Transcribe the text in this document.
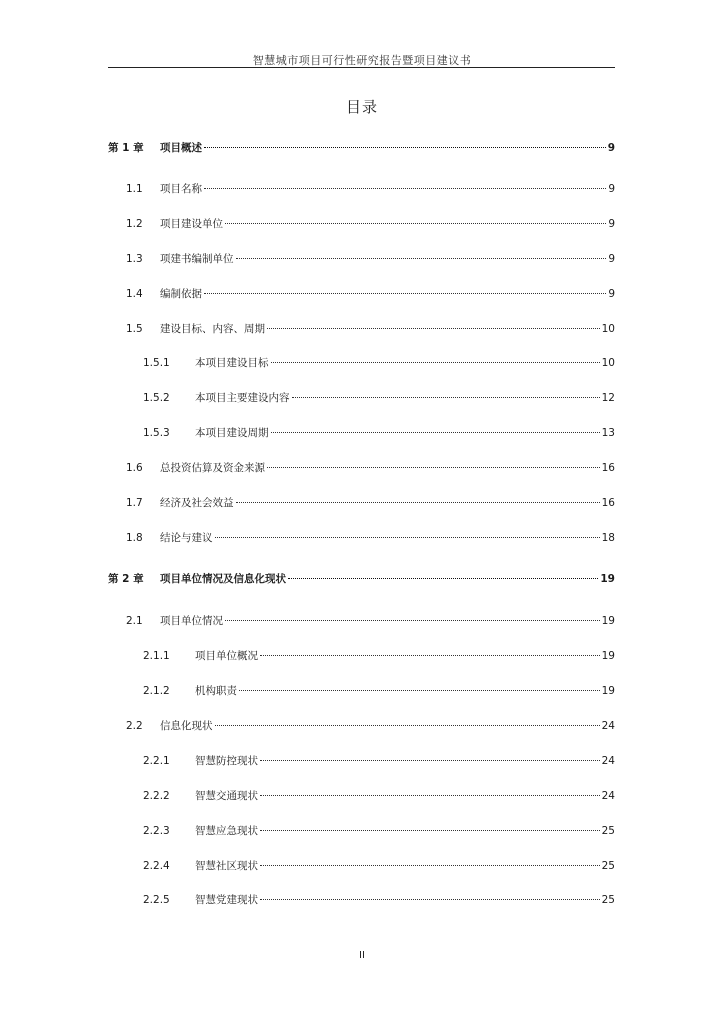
智慧城市项目可行性研究报告暨项目建议书
目录
第 1 章	项目概述	9
1.1	项目名称	9
1.2	项目建设单位	9
1.3	项建书编制单位	9
1.4	编制依据	9
1.5	建设目标、内容、周期	10
1.5.1	本项目建设目标	10
1.5.2	本项目主要建设内容	12
1.5.3	本项目建设周期	13
1.6	总投资估算及资金来源	16
1.7	经济及社会效益	16
1.8	结论与建议	18
第 2 章	项目单位情况及信息化现状	19
2.1	项目单位情况	19
2.1.1	项目单位概况	19
2.1.2	机构职责	19
2.2	信息化现状	24
2.2.1	智慧防控现状	24
2.2.2	智慧交通现状	24
2.2.3	智慧应急现状	25
2.2.4	智慧社区现状	25
2.2.5	智慧党建现状	25
II
